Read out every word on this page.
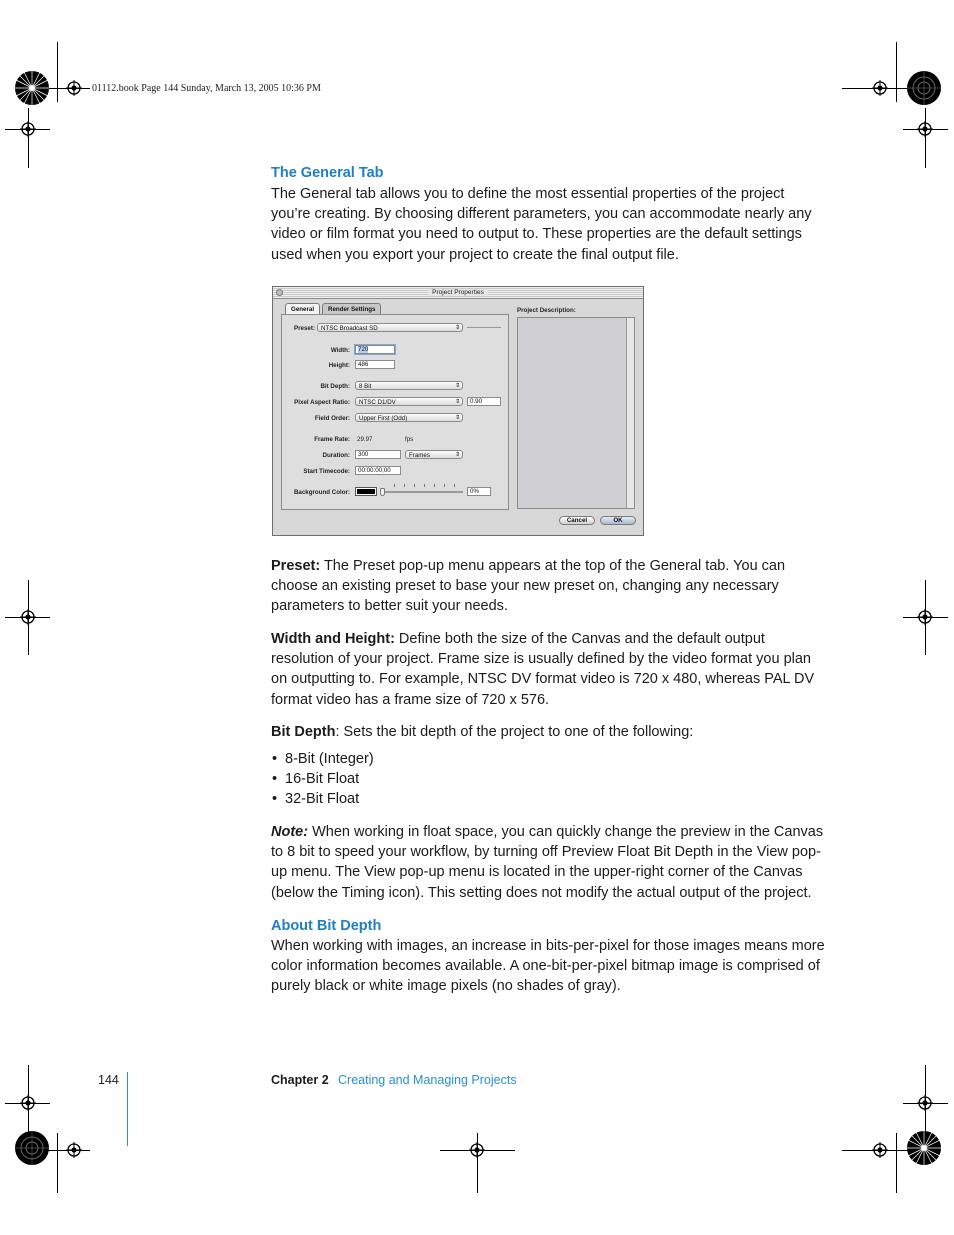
01112.book Page 144 Sunday, March 13, 2005 10:36 PM
The General Tab
The General tab allows you to define the most essential properties of the project you’re creating. By choosing different parameters, you can accommodate nearly any video or film format you need to output to. These properties are the default settings used when you export your project to create the final output file.
Project Properties
General	Render Settings
Preset: NTSC Broadcast SD ⇕
Width:	720
Height:	486
Bit Depth:	8 Bit ⇕
Pixel Aspect Ratio:	NTSC D1/DV ⇕	0.90
Field Order:	Upper First (Odd) ⇕
Frame Rate: 29.97	fps
Duration:	300	Frames ⇕
Start Timecode:	00:00:00;00
Background Color:	0%
Project Description:
Cancel	OK
Preset: The Preset pop-up menu appears at the top of the General tab. You can choose an existing preset to base your new preset on, changing any necessary parameters to better suit your needs.
Width and Height: Define both the size of the Canvas and the default output resolution of your project. Frame size is usually defined by the video format you plan on outputting to. For example, NTSC DV format video is 720 x 480, whereas PAL DV format video has a frame size of 720 x 576.
Bit Depth: Sets the bit depth of the project to one of the following:
• 8-Bit (Integer)
• 16-Bit Float
• 32-Bit Float
Note: When working in float space, you can quickly change the preview in the Canvas to 8 bit to speed your workflow, by turning off Preview Float Bit Depth in the View pop-up menu. The View pop-up menu is located in the upper-right corner of the Canvas (below the Timing icon). This setting does not modify the actual output of the project.
About Bit Depth
When working with images, an increase in bits-per-pixel for those images means more color information becomes available. A one-bit-per-pixel bitmap image is comprised of purely black or white image pixels (no shades of gray).
144	Chapter 2 Creating and Managing Projects
